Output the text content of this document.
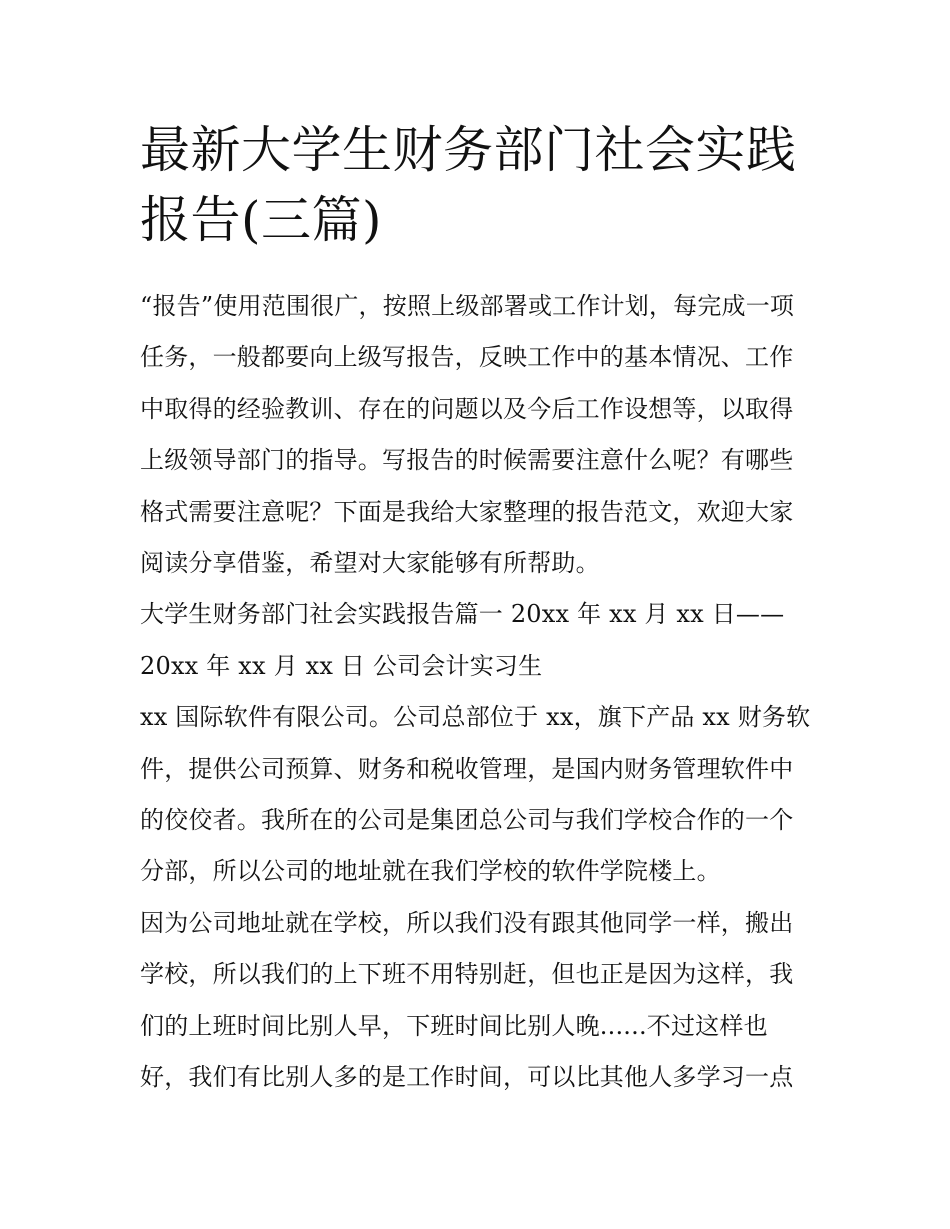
最新大学生财务部门社会实践
报告(三篇)
“报告”使用范围很广，按照上级部署或工作计划，每完成一项
任务，一般都要向上级写报告，反映工作中的基本情况、工作
中取得的经验教训、存在的问题以及今后工作设想等，以取得
上级领导部门的指导。写报告的时候需要注意什么呢？有哪些
格式需要注意呢？下面是我给大家整理的报告范文，欢迎大家
阅读分享借鉴，希望对大家能够有所帮助。
大学生财务部门社会实践报告篇一 20xx 年 xx 月 xx 日——
20xx 年 xx 月 xx 日 公司会计实习生
xx 国际软件有限公司。公司总部位于 xx，旗下产品 xx 财务软
件，提供公司预算、财务和税收管理，是国内财务管理软件中
的佼佼者。我所在的公司是集团总公司与我们学校合作的一个
分部，所以公司的地址就在我们学校的软件学院楼上。
因为公司地址就在学校，所以我们没有跟其他同学一样，搬出
学校，所以我们的上下班不用特别赶，但也正是因为这样，我
们的上班时间比别人早，下班时间比别人晚......不过这样也
好，我们有比别人多的是工作时间，可以比其他人多学习一点
